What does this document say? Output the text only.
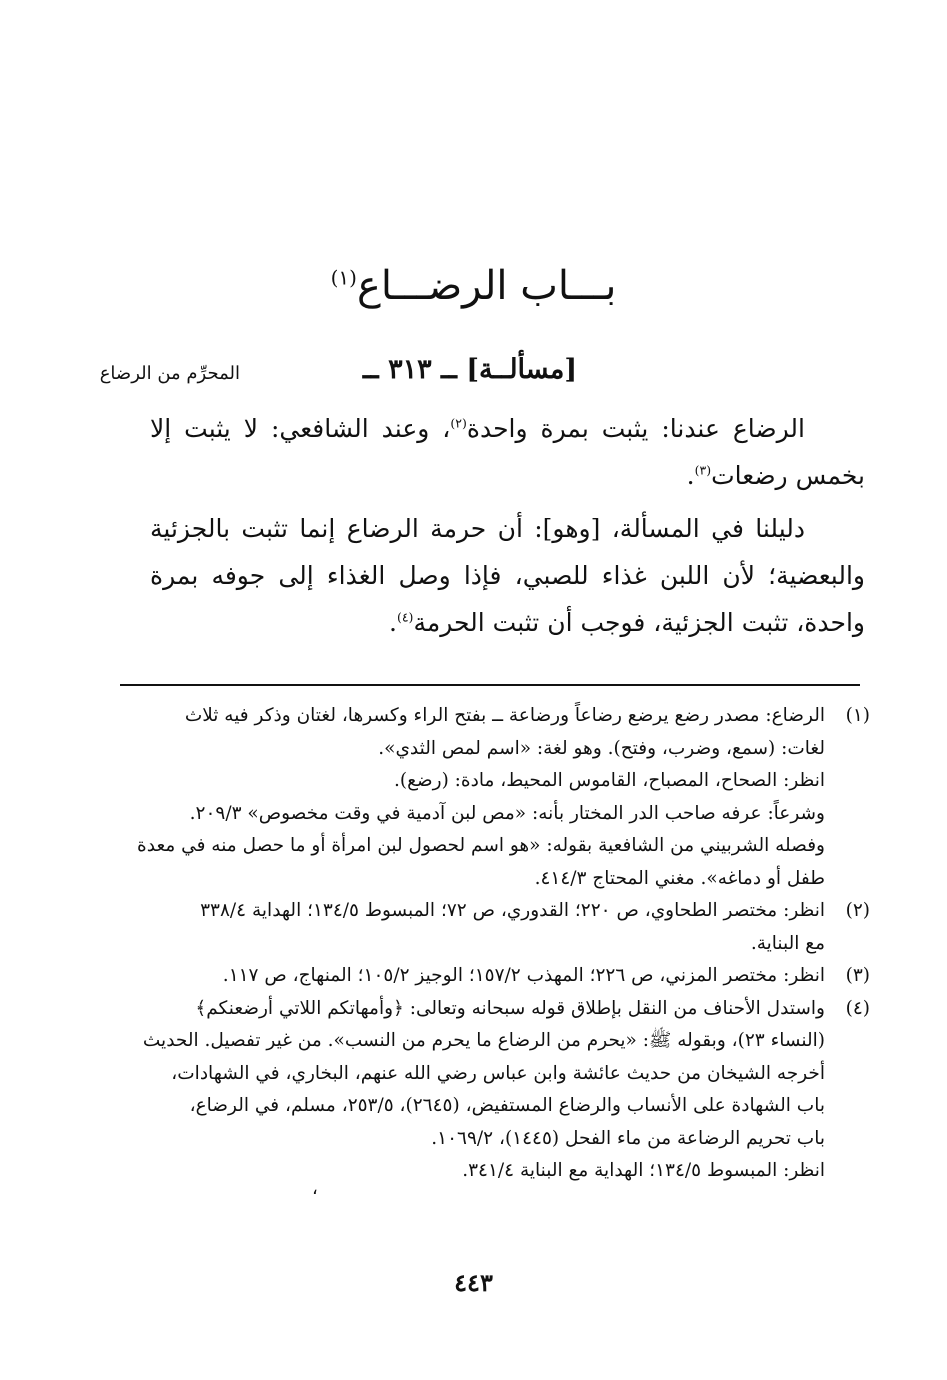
بـــاب الرضـــاع$^{(١)}$
المحرِّم من الرضاع	[مسألــة] ــ ٣١٣ ــ
الرضاع عندنا: يثبت بمرة واحدة$^{(٢)}$، وعند الشافعي: لا يثبت إلا بخمس رضعات$^{(٣)}$.
دليلنا في المسألة، [وهو]: أن حرمة الرضاع إنما تثبت بالجزئية والبعضية؛ لأن اللبن غذاء للصبي، فإذا وصل الغذاء إلى جوفه بمرة واحدة، تثبت الجزئية، فوجب أن تثبت الحرمة$^{(٤)}$.
(١)
الرضاع: مصدر رضع يرضع رضاعاً ورضاعة ــ بفتح الراء وكسرها، لغتان وذكر فيه ثلاث
لغات: (سمع، وضرب، وفتح). وهو لغة: «اسم لمص الثدي».
انظر: الصحاح، المصباح، القاموس المحيط، مادة: (رضع).
وشرعاً: عرفه صاحب الدر المختار بأنه: «مص لبن آدمية في وقت مخصوص» ٢٠٩/٣.
وفصله الشربيني من الشافعية بقوله: «هو اسم لحصول لبن امرأة أو ما حصل منه في معدة
طفل أو دماغه». مغني المحتاج ٤١٤/٣.
(٢)
انظر: مختصر الطحاوي، ص ٢٢٠؛ القدوري، ص ٧٢؛ المبسوط ١٣٤/٥؛ الهداية ٣٣٨/٤
مع البناية.
(٣)
انظر: مختصر المزني، ص ٢٢٦؛ المهذب ١٥٧/٢؛ الوجيز ١٠٥/٢؛ المنهاج، ص ١١٧.
(٤)
واستدل الأحناف من النقل بإطلاق قوله سبحانه وتعالى: ﴿وأمهاتكم اللاتي أرضعنكم﴾
(النساء ٢٣)، وبقوله ﷺ: «يحرم من الرضاع ما يحرم من النسب». من غير تفصيل. الحديث
أخرجه الشيخان من حديث عائشة وابن عباس رضي الله عنهم، البخاري، في الشهادات،
باب الشهادة على الأنساب والرضاع المستفيض، (٢٦٤٥)، ٢٥٣/٥، مسلم، في الرضاع،
باب تحريم الرضاعة من ماء الفحل (١٤٤٥)، ١٠٦٩/٢.
انظر: المبسوط ١٣٤/٥؛ الهداية مع البناية ٣٤١/٤.
،
٤٤٣
